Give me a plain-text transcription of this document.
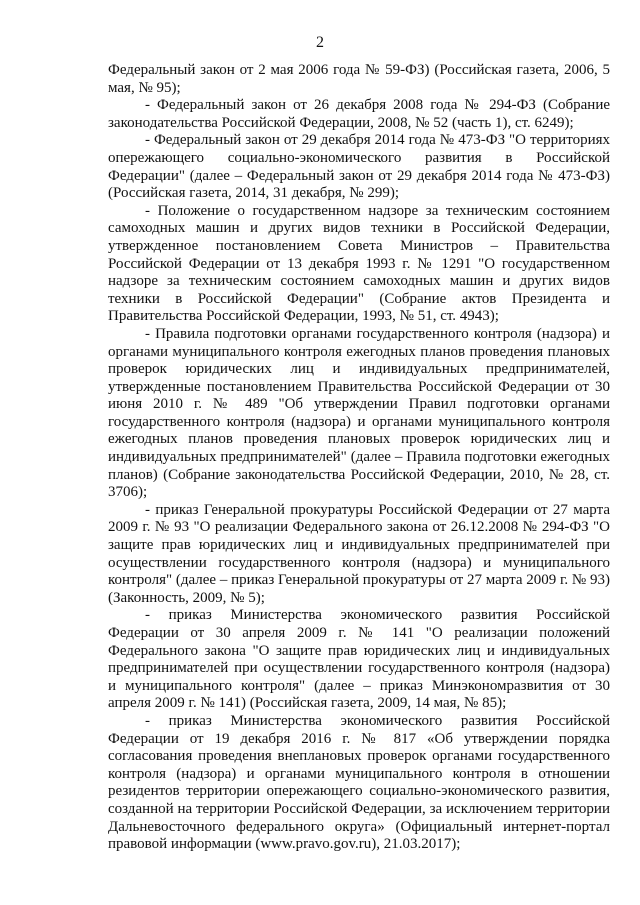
2

Федеральный закон от 2 мая 2006 года № 59-ФЗ) (Российская газета, 2006, 5 мая, № 95);

- Федеральный закон от 26 декабря 2008 года № 294-ФЗ (Собрание законодательства Российской Федерации, 2008, № 52 (часть 1), ст. 6249);

- Федеральный закон от 29 декабря 2014 года № 473-ФЗ "О территориях опережающего социально-экономического развития в Российской Федерации" (далее – Федеральный закон от 29 декабря 2014 года № 473-ФЗ) (Российская газета, 2014, 31 декабря, № 299);

- Положение о государственном надзоре за техническим состоянием самоходных машин и других видов техники в Российской Федерации, утвержденное постановлением Совета Министров – Правительства Российской Федерации от 13 декабря 1993 г. № 1291 "О государственном надзоре за техническим состоянием самоходных машин и других видов техники в Российской Федерации" (Собрание актов Президента и Правительства Российской Федерации, 1993, № 51, ст. 4943);

- Правила подготовки органами государственного контроля (надзора) и органами муниципального контроля ежегодных планов проведения плановых проверок юридических лиц и индивидуальных предпринимателей, утвержденные постановлением Правительства Российской Федерации от 30 июня 2010 г. № 489 "Об утверждении Правил подготовки органами государственного контроля (надзора) и органами муниципального контроля ежегодных планов проведения плановых проверок юридических лиц и индивидуальных предпринимателей" (далее – Правила подготовки ежегодных планов) (Собрание законодательства Российской Федерации, 2010, № 28, ст. 3706);

- приказ Генеральной прокуратуры Российской Федерации от 27 марта 2009 г. № 93 "О реализации Федерального закона от 26.12.2008 № 294-ФЗ "О защите прав юридических лиц и индивидуальных предпринимателей при осуществлении государственного контроля (надзора) и муниципального контроля" (далее – приказ Генеральной прокуратуры от 27 марта 2009 г. № 93) (Законность, 2009, № 5);

- приказ Министерства экономического развития Российской Федерации от 30 апреля 2009 г. № 141 "О реализации положений Федерального закона "О защите прав юридических лиц и индивидуальных предпринимателей при осуществлении государственного контроля (надзора) и муниципального контроля" (далее – приказ Минэкономразвития от 30 апреля 2009 г. № 141) (Российская газета, 2009, 14 мая, № 85);

- приказ Министерства экономического развития Российской Федерации от 19 декабря 2016 г. № 817 «Об утверждении порядка согласования проведения внеплановых проверок органами государственного контроля (надзора) и органами муниципального контроля в отношении резидентов территории опережающего социально-экономического развития, созданной на территории Российской Федерации, за исключением территории Дальневосточного федерального округа» (Официальный интернет-портал правовой информации (www.pravo.gov.ru), 21.03.2017);
